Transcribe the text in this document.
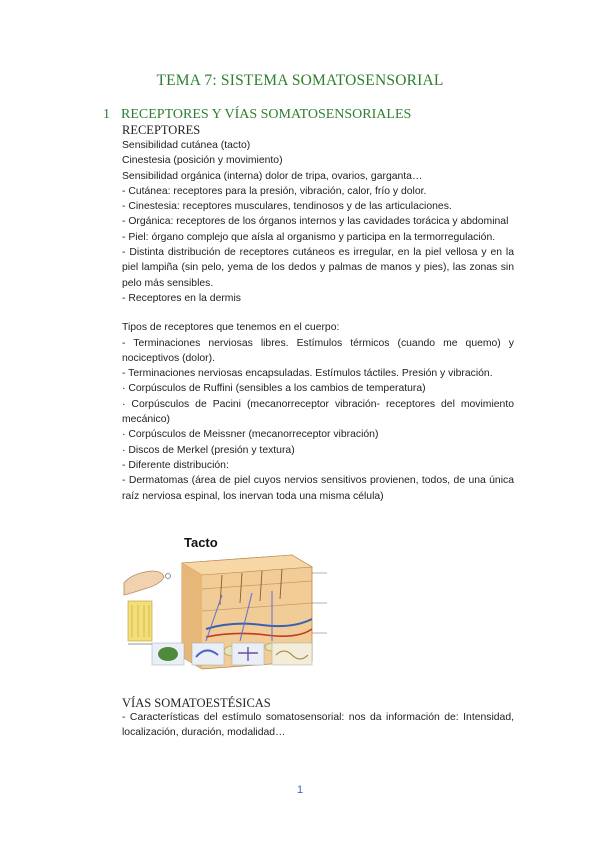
TEMA 7: SISTEMA SOMATOSENSORIAL
1 RECEPTORES Y VÍAS SOMATOSENSORIALES
RECEPTORES

Sensibilidad cutánea (tacto)

Cinestesia (posición y movimiento)

Sensibilidad orgánica (interna) dolor de tripa, ovarios, garganta…

- Cutánea: receptores para la presión, vibración, calor, frío y dolor.

- Cinestesia: receptores musculares, tendinosos y de las articulaciones.

- Orgánica: receptores de los órganos internos y las cavidades torácica y abdominal

- Piel: órgano complejo que aísla al organismo y participa en la termorregulación.

- Distinta distribución de receptores cutáneos es irregular, en la piel vellosa y en la piel lampiña (sin pelo, yema de los dedos y palmas de manos y pies), las zonas sin pelo más sensibles.

- Receptores en la dermis

Tipos de receptores que tenemos en el cuerpo:

- Terminaciones nerviosas libres. Estímulos térmicos (cuando me quemo) y nociceptivos (dolor).

- Terminaciones nerviosas encapsuladas. Estímulos táctiles. Presión y vibración.

· Corpúsculos de Ruffini (sensibles a los cambios de temperatura)

· Corpúsculos de Pacini (mecanorreceptor vibración- receptores del movimiento mecánico)

· Corpúsculos de Meissner (mecanorreceptor vibración)

· Discos de Merkel (presión y textura)

- Diferente distribución:

- Dermatomas (área de piel cuyos nervios sensitivos provienen, todos, de una única raíz nerviosa espinal, los inervan toda una misma célula)

Tacto
VÍAS SOMATOESTÉSICAS

- Características del estímulo somatosensorial: nos da información de: Intensidad, localización, duración, modalidad…

1
